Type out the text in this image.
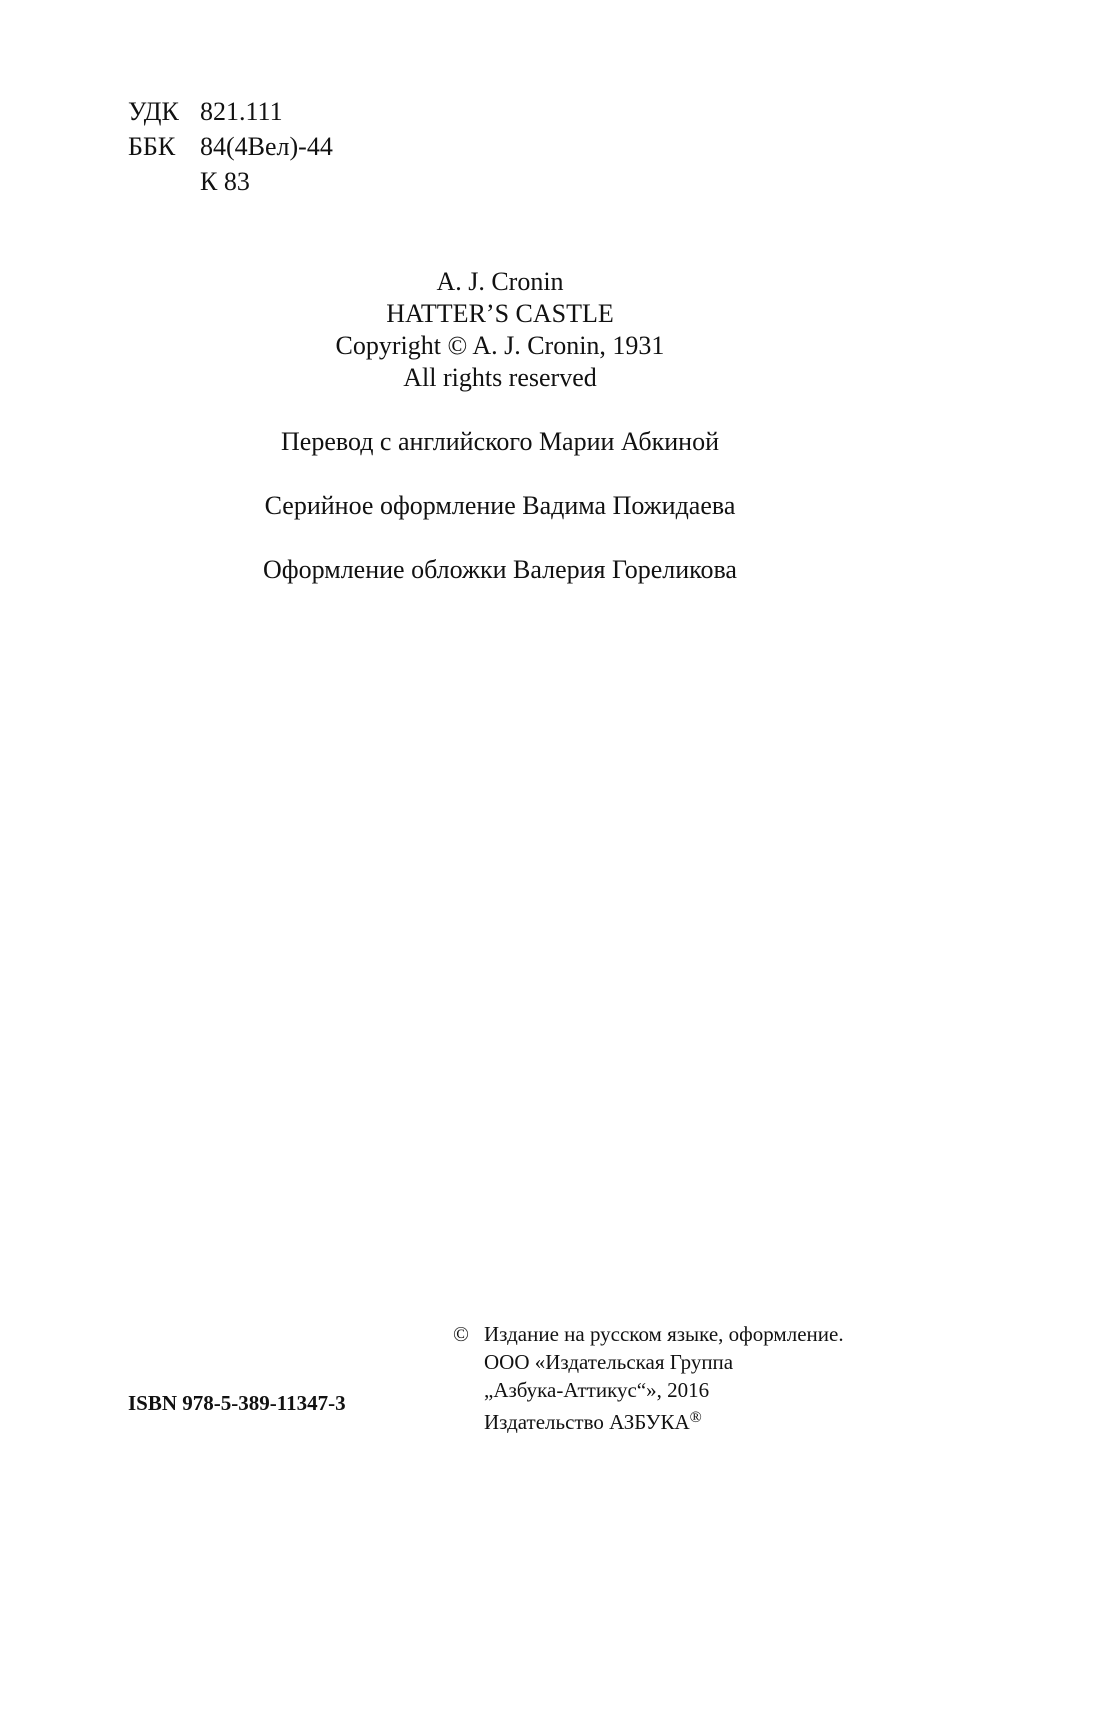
УДК 821.111
ББК 84(4Вел)-44
К 83
A. J. Cronin
HATTER’S CASTLE
Copyright © A. J. Cronin, 1931
All rights reserved
Перевод с английского Марии Абкиной
Серийное оформление Вадима Пожидаева
Оформление обложки Валерия Гореликова
ISBN 978-5-389-11347-3
© Издание на русском языке, оформление.
ООО «Издательская Группа
„Азбука-Аттикус“», 2016
Издательство АЗБУКА®
